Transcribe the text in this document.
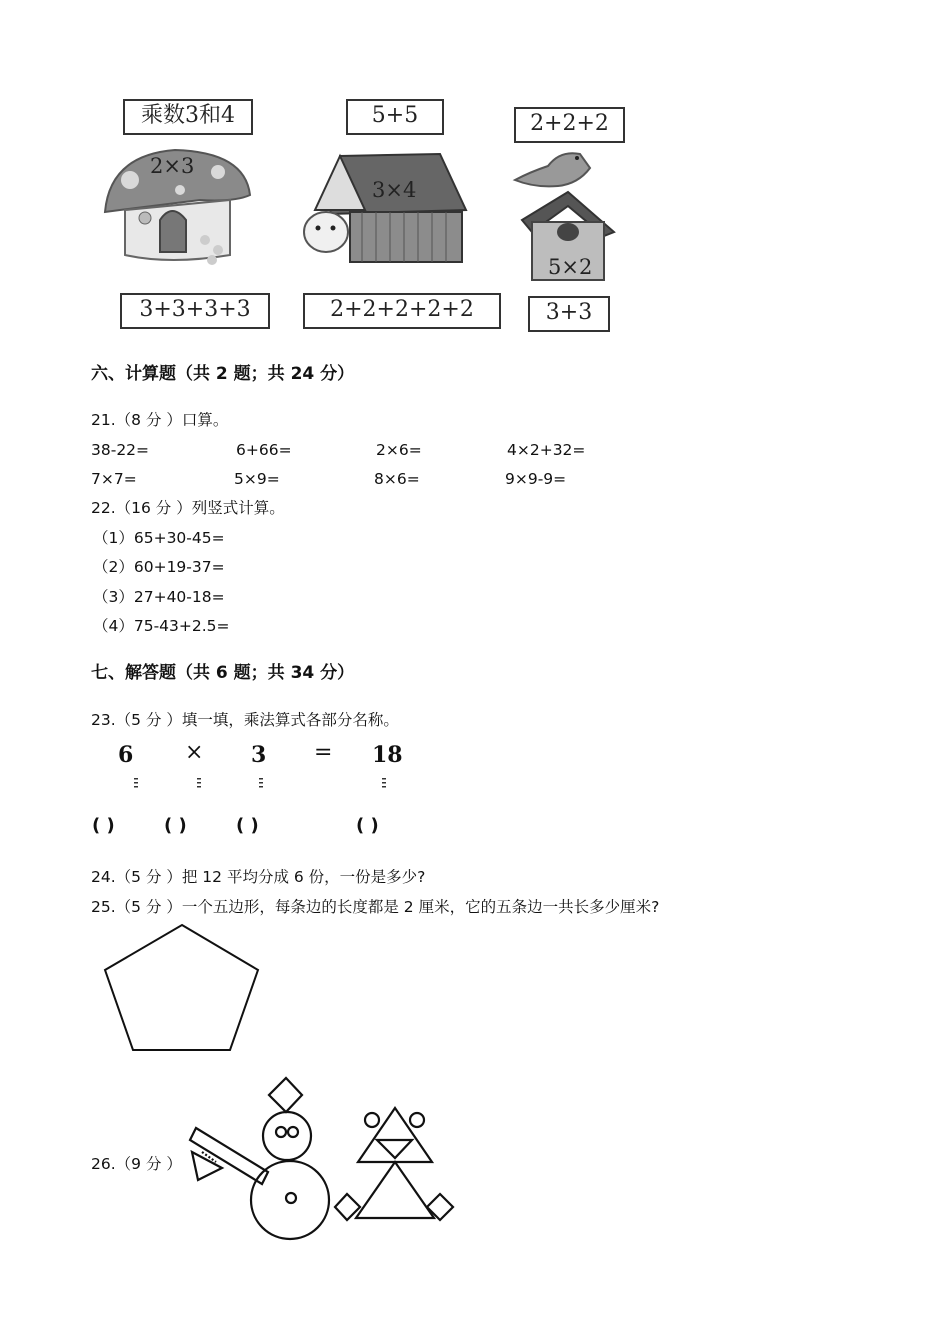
乘数3和4	5+5	2+2+2
2×3
3×4
5×2
3+3+3+3	2+2+2+2+2	3+3
六、计算题（共 2 题；共 24 分）
21.（8 分 ）口算。
38-22=	6+66=	2×6=	4×2+32=
7×7=	5×9=	8×6=	9×9-9=
22.（16 分 ）列竖式计算。
（1）65+30-45=
（2）60+19-37=
（3）27+40-18=
（4）75-43+2.5=
七、解答题（共 6 题；共 34 分）
23.（5 分 ）填一填，乘法算式各部分名称。
6 × 3 = 18
( )	( )	( )	( )
24.（5 分 ）把 12 平均分成 6 份，一份是多少?
25.（5 分 ）一个五边形，每条边的长度都是 2 厘米，它的五条边一共长多少厘米?
26.（9 分 ）
